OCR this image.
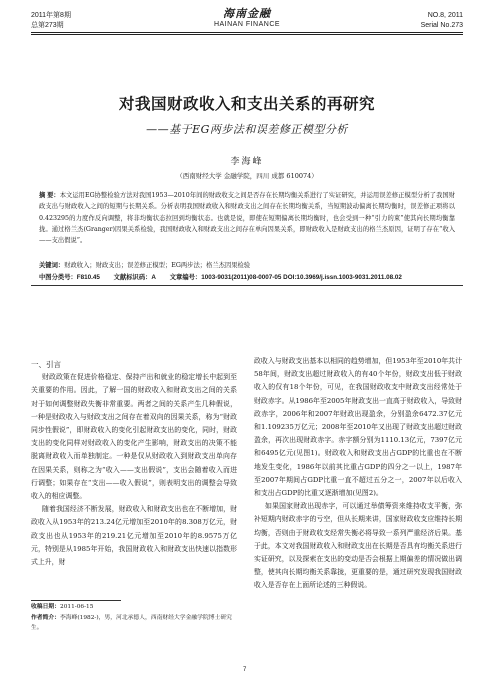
2011年第8期
总第273期
海南金融
HAINAN FINANCE
NO.8, 2011
Serial No.273
对我国财政收入和支出关系的再研究
——基于EG两步法和误差修正模型分析
李海峰
（西南财经大学 金融学院，四川 成都 610074）
摘 要：本文运用EG协整检验方法对我国1953—2010年间的财政收支之间是否存在长期均衡关系进行了实证研究，并运用误差修正模型分析了我国财政支出与财政收入之间的短期与长期关系。分析表明我国财政收入和财政支出之间存在长期均衡关系，当短期波动偏离长期均衡时，误差修正项将以0.423295的力度作反向调整，将非均衡状态拉回到均衡状态。也就是说，即使在短期偏离长期均衡时，也会受到一种“引力的束”使其向长期均衡靠拢。通过格兰杰(Granger)因果关系检验，我国财政收入和财政支出之间存在单向因果关系，即财政收入是财政支出的格兰杰原因，证明了存在“收入——支出假说”。
关键词：财政收入；财政支出；误差修正模型；EG两步法；格兰杰因果检验
中图分类号：F810.45 文献标识码：A 文章编号：1003-9031(2011)08-0007-05 DOI:10.3969/j.issn.1003-9031.2011.08.02

一、引言

财政政策在促进价格稳定、保持产出和就业的稳定增长中起到至关重要的作用。因此，了解一国的财政收入和财政支出之间的关系对于如何调整财政失衡非常重要。两者之间的关系产生几种假说，一种是财政收入与财政支出之间存在着双向的因果关系，称为“财政同步性假说”，即财政收入的变化引起财政支出的变化，同时，财政支出的变化同样对财政收入的变化产生影响，财政支出的决策不能脱离财政收入而单独制定。一种是仅从财政收入到财政支出单向存在因果关系，则称之为“收入——支出假说”，支出会随着收入而进行调整；如果存在“支出——收入假说”，则表明支出的调整会导致收入的相应调整。

随着我国经济不断发展，财政收入和财政支出也在不断增加，财政收入从1953年的213.24亿元增加至2010年的8.308万亿元，财政支出也从1953年的219.21亿元增加至2010年的8.9575万亿元，特别是从1985年开始，我国财政收入和财政支出快速以指数形式上升，财

政收入与财政支出基本以相同的趋势增加，但1953年至2010年共计58年间，财政支出超过财政收入的有40个年份，财政支出低于财政收入的仅有18个年份，可见，在我国财政收支中财政支出经常处于财政赤字。从1986年至2005年财政支出一直高于财政收入，导致财政赤字，2006年和2007年财政出现盈余，分别盈余6472.37亿元和1.109235万亿元；2008年至2010年又出现了财政支出超过财政盈余，再次出现财政赤字。赤字额分别为1110.13亿元，7397亿元和6495亿元(见图1)。财政收入和财政支出占GDP的比重也在不断地发生变化，1986年以前其比重占GDP的四分之一以上，1987年至2007年期间占GDP比重一直不超过五分之一，2007年以后收入和支出占GDP的比重又逐渐增加(见图2)。

如果国家财政出现赤字，可以通过举债筹资来维持收支平衡，弥补短期内财政赤字的亏空，但从长期来讲，国家财政收支应维持长期均衡，否则由于财政收支经常失衡必将导致一系列严重经济后果。基于此，本文对我国财政收入和财政支出在长期是否具有均衡关系进行实证研究，以及探索在支出的变动是否会根据上期偏差的情况做出调整，使其向长期均衡关系靠拢，更重要的是，通过研究发现我国财政收入是否存在上面所论述的三种假说。

收稿日期：2011-06-15
作者简介：李海峰(1982-)，男，河北承德人，西南财经大学金融学院博士研究生。
7
